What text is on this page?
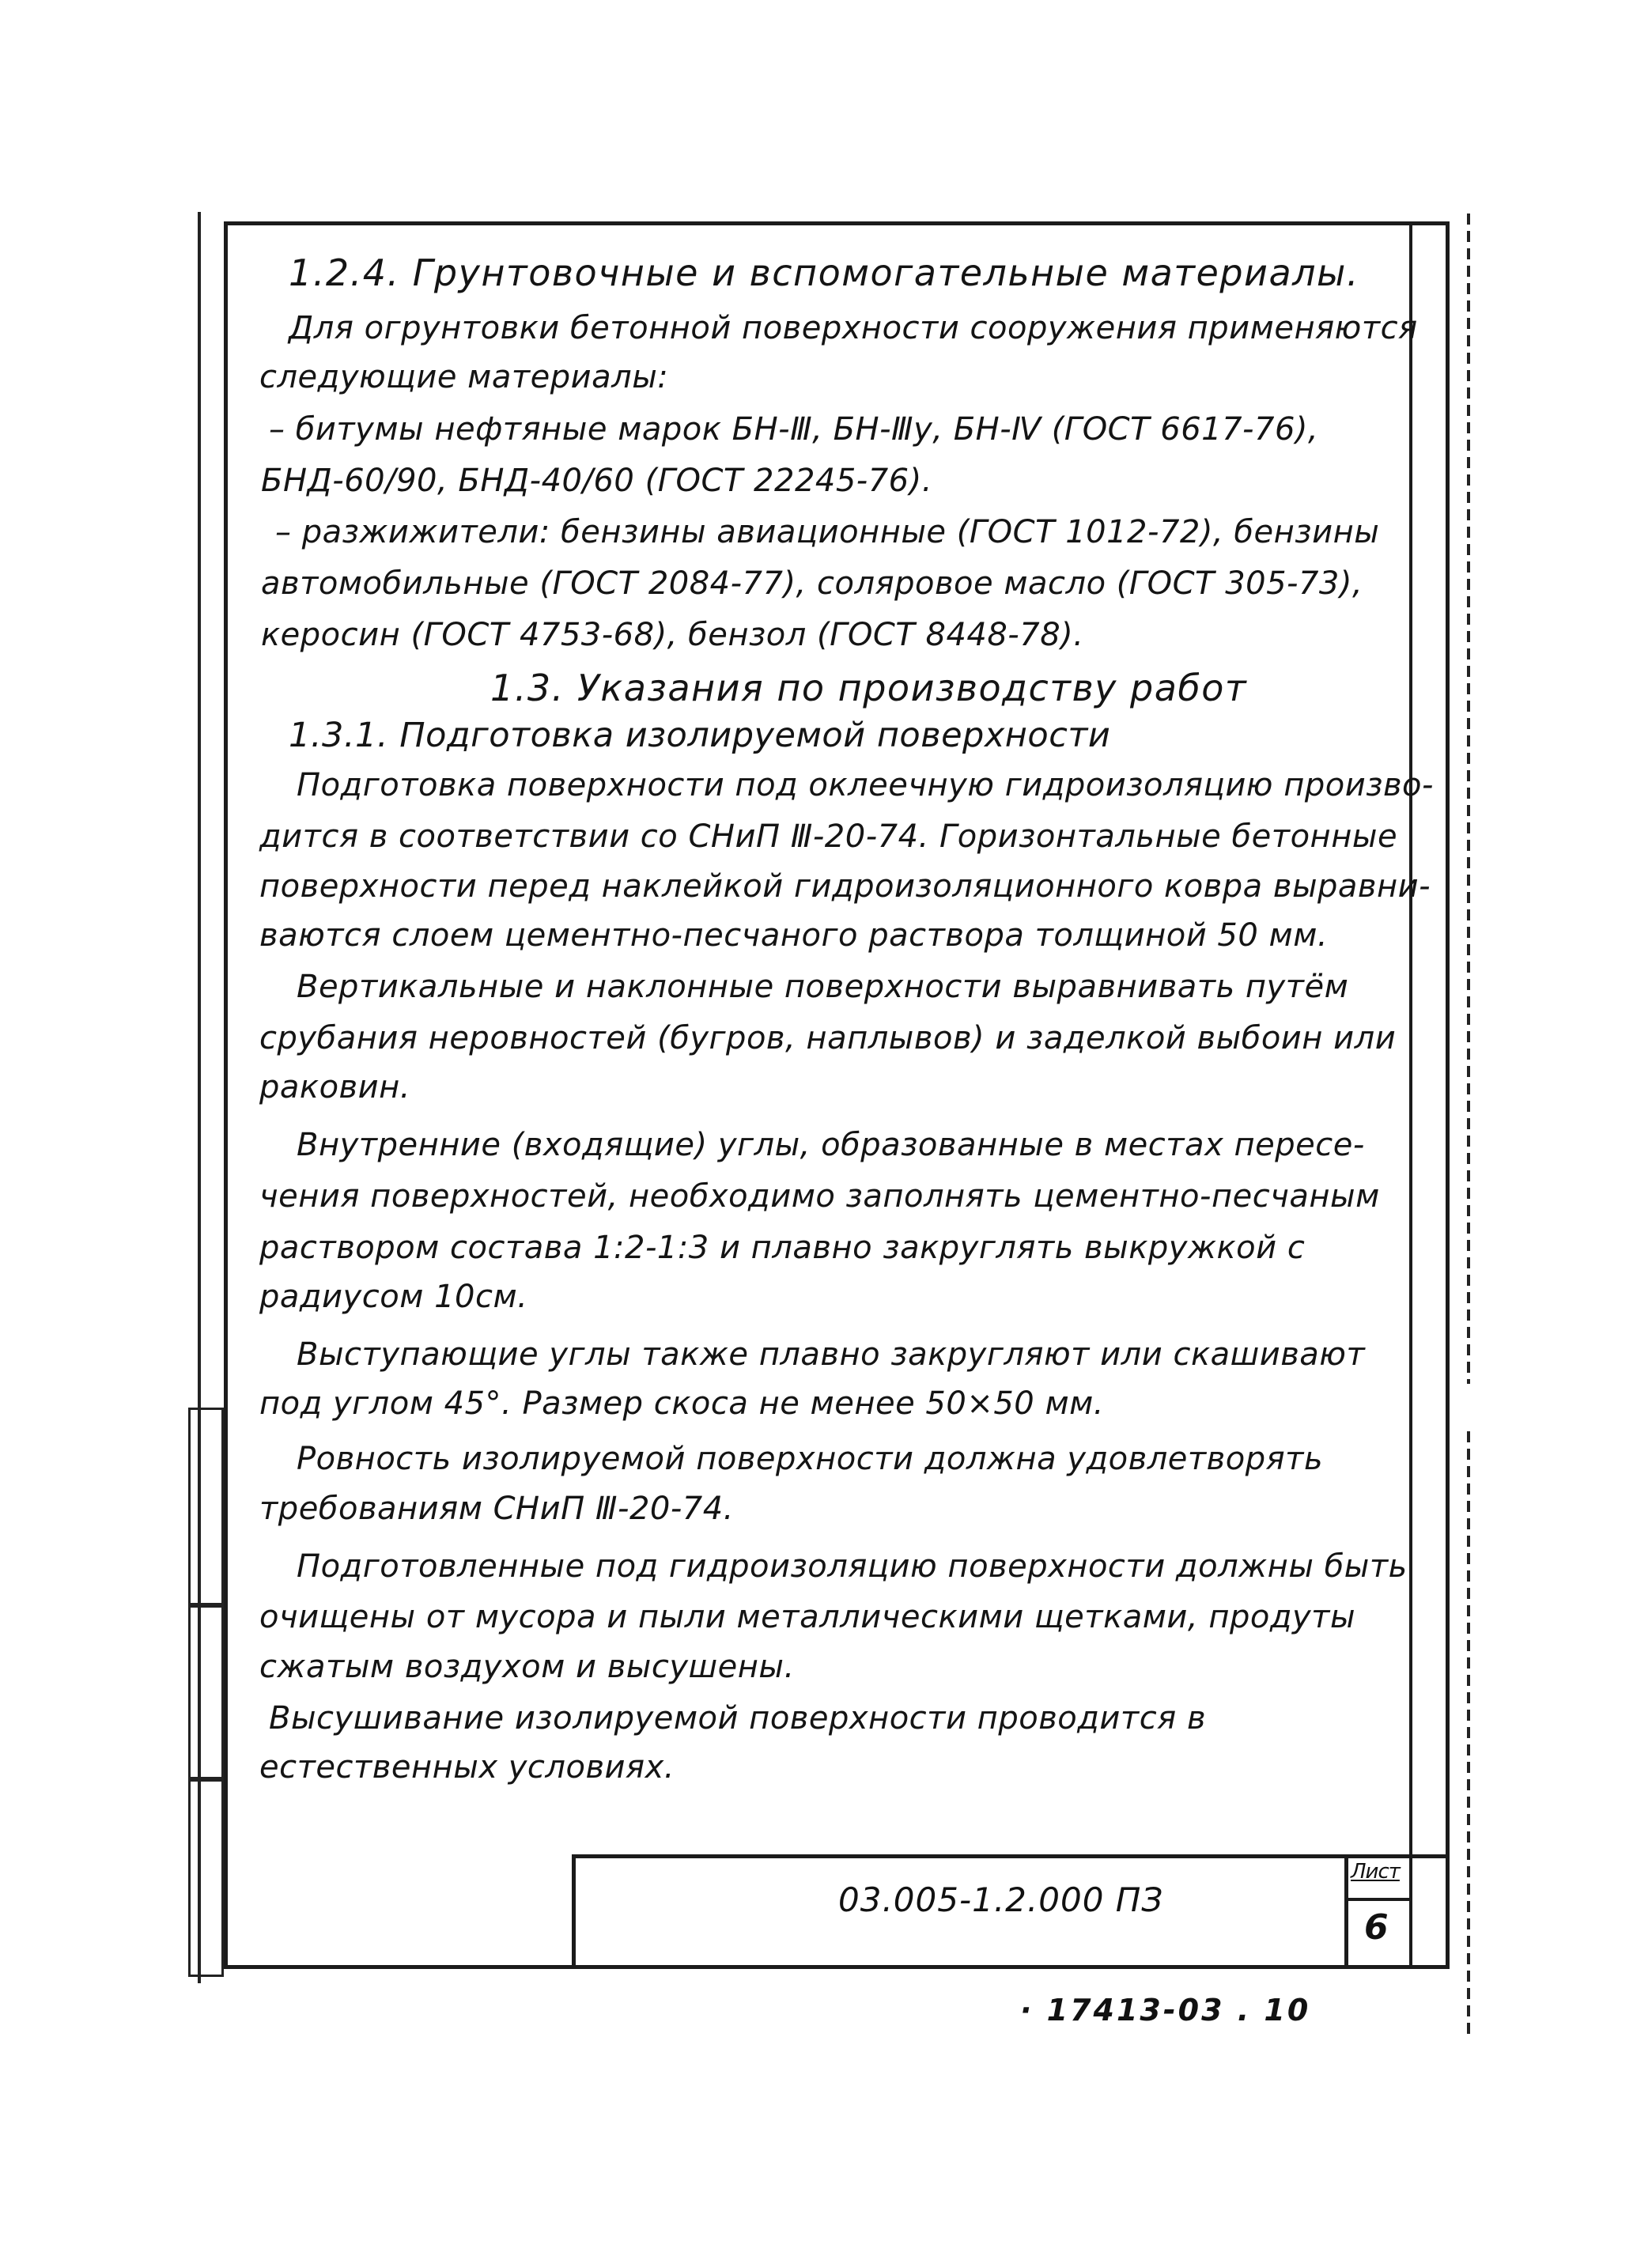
1.2.4. Грунтовочные и вспомогательные материалы.
Для огрунтовки бетонной поверхности сооружения применяются
следующие материалы:
– битумы нефтяные марок БН-Ⅲ, БН-Ⅲу, БН-Ⅳ (ГОСТ 6617-76),
БНД-60/90, БНД-40/60 (ГОСТ 22245-76).
– разжижители: бензины авиационные (ГОСТ 1012-72), бензины
автомобильные (ГОСТ 2084-77), соляровое масло (ГОСТ 305-73),
керосин (ГОСТ 4753-68), бензол (ГОСТ 8448-78).
1.3. Указания по производству работ
1.3.1. Подготовка изолируемой поверхности
Подготовка поверхности под оклеечную гидроизоляцию произво-
дится в соответствии со СНиП Ⅲ-20-74. Горизонтальные бетонные
поверхности перед наклейкой гидроизоляционного ковра выравни-
ваются слоем цементно-песчаного раствора толщиной 50 мм.
Вертикальные и наклонные поверхности выравнивать путём
срубания неровностей (бугров, наплывов) и заделкой выбоин или
раковин.
Внутренние (входящие) углы, образованные в местах пересе-
чения поверхностей, необходимо заполнять цементно-песчаным
раствором состава 1:2-1:3 и плавно закруглять выкружкой с
радиусом 10см.
Выступающие углы также плавно закругляют или скашивают
под углом 45°. Размер скоса не менее 50×50 мм.
Ровность изолируемой поверхности должна удовлетворять
требованиям СНиП Ⅲ-20-74.
Подготовленные под гидроизоляцию поверхности должны быть
очищены от мусора и пыли металлическими щетками, продуты
сжатым воздухом и высушены.
Высушивание изолируемой поверхности проводится в
естественных условиях.
03.005-1.2.000 ПЗ
Лист
6
· 17413-03 . 10
